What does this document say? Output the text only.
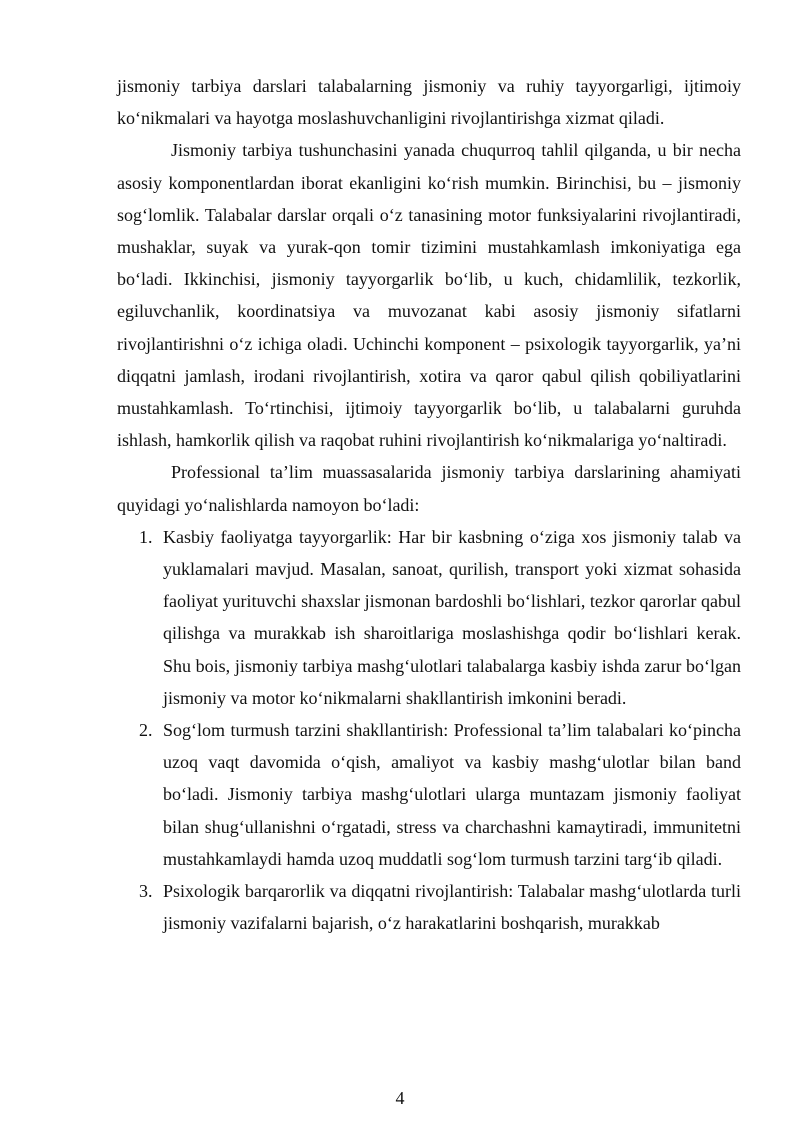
jismoniy tarbiya darslari talabalarning jismoniy va ruhiy tayyorgarligi, ijtimoiy ko‘nikmalari va hayotga moslashuvchanligini rivojlantirishga xizmat qiladi.

Jismoniy tarbiya tushunchasini yanada chuqurroq tahlil qilganda, u bir necha asosiy komponentlardan iborat ekanligini ko‘rish mumkin. Birinchisi, bu – jismoniy sog‘lomlik. Talabalar darslar orqali o‘z tanasining motor funksiyalarini rivojlantiradi, mushaklar, suyak va yurak-qon tomir tizimini mustahkamlash imkoniyatiga ega bo‘ladi. Ikkinchisi, jismoniy tayyorgarlik bo‘lib, u kuch, chidamlilik, tezkorlik, egiluvchanlik, koordinatsiya va muvozanat kabi asosiy jismoniy sifatlarni rivojlantirishni o‘z ichiga oladi. Uchinchi komponent – psixologik tayyorgarlik, ya’ni diqqatni jamlash, irodani rivojlantirish, xotira va qaror qabul qilish qobiliyatlarini mustahkamlash. To‘rtinchisi, ijtimoiy tayyorgarlik bo‘lib, u talabalarni guruhda ishlash, hamkorlik qilish va raqobat ruhini rivojlantirish ko‘nikmalariga yo‘naltiradi.

Professional ta’lim muassasalarida jismoniy tarbiya darslarining ahamiyati quyidagi yo‘nalishlarda namoyon bo‘ladi:

1. Kasbiy faoliyatga tayyorgarlik: Har bir kasbning o‘ziga xos jismoniy talab va yuklamalari mavjud. Masalan, sanoat, qurilish, transport yoki xizmat sohasida faoliyat yurituvchi shaxslar jismonan bardoshli bo‘lishlari, tezkor qarorlar qabul qilishga va murakkab ish sharoitlariga moslashishga qodir bo‘lishlari kerak. Shu bois, jismoniy tarbiya mashg‘ulotlari talabalarga kasbiy ishda zarur bo‘lgan jismoniy va motor ko‘nikmalarni shakllantirish imkonini beradi.
2. Sog‘lom turmush tarzini shakllantirish: Professional ta’lim talabalari ko‘pincha uzoq vaqt davomida o‘qish, amaliyot va kasbiy mashg‘ulotlar bilan band bo‘ladi. Jismoniy tarbiya mashg‘ulotlari ularga muntazam jismoniy faoliyat bilan shug‘ullanishni o‘rgatadi, stress va charchashni kamaytiradi, immunitetni mustahkamlaydi hamda uzoq muddatli sog‘lom turmush tarzini targ‘ib qiladi.
3. Psixologik barqarorlik va diqqatni rivojlantirish: Talabalar mashg‘ulotlarda turli jismoniy vazifalarni bajarish, o‘z harakatlarini boshqarish, murakkab
4
